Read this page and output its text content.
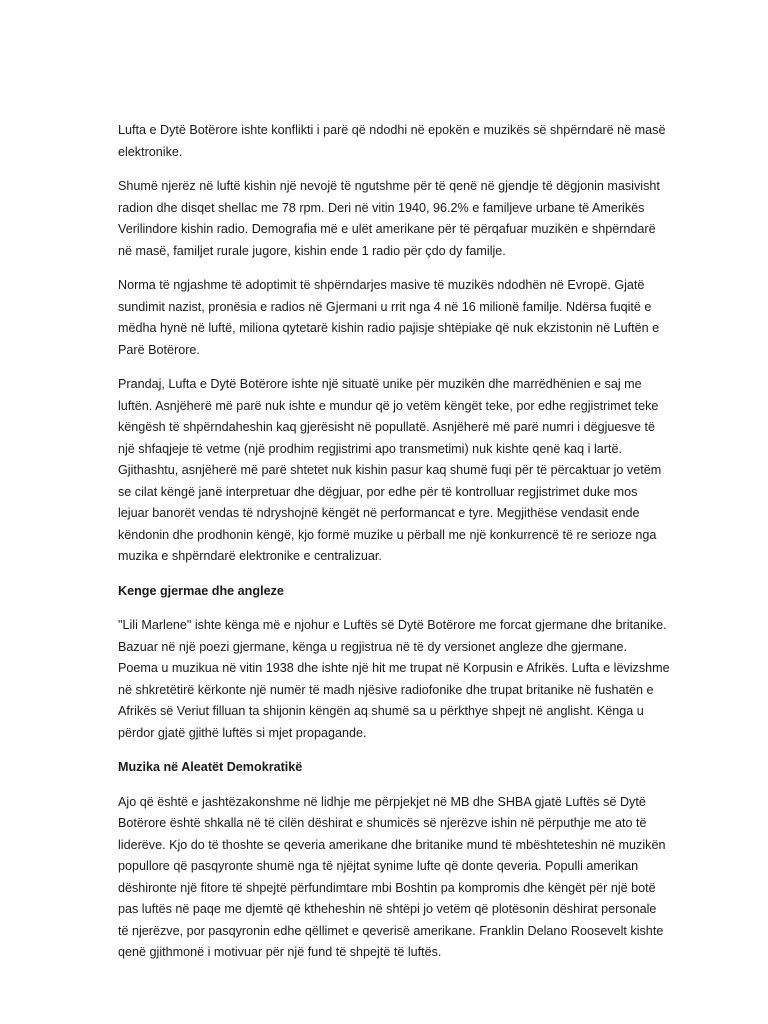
Lufta e Dytë Botërore ishte konflikti i parë që ndodhi në epokën e muzikës së shpërndarë në masë elektronike.

Shumë njerëz në luftë kishin një nevojë të ngutshme për të qenë në gjendje të dëgjonin masivisht radion dhe disqet shellac me 78 rpm. Deri në vitin 1940, 96.2% e familjeve urbane të Amerikës Verilindore kishin radio. Demografia më e ulët amerikane për të përqafuar muzikën e shpërndarë në masë, familjet rurale jugore, kishin ende 1 radio për çdo dy familje.

Norma të ngjashme të adoptimit të shpërndarjes masive të muzikës ndodhën në Evropë. Gjatë sundimit nazist, pronësia e radios në Gjermani u rrit nga 4 në 16 milionë familje. Ndërsa fuqitë e mëdha hynë në luftë, miliona qytetarë kishin radio pajisje shtëpiake që nuk ekzistonin në Luftën e Parë Botërore.

Prandaj, Lufta e Dytë Botërore ishte një situatë unike për muzikën dhe marrëdhënien e saj me luftën. Asnjëherë më parë nuk ishte e mundur që jo vetëm këngët teke, por edhe regjistrimet teke këngësh të shpërndaheshin kaq gjerësisht në popullatë. Asnjëherë më parë numri i dëgjuesve të një shfaqjeje të vetme (një prodhim regjistrimi apo transmetimi) nuk kishte qenë kaq i lartë. Gjithashtu, asnjëherë më parë shtetet nuk kishin pasur kaq shumë fuqi për të përcaktuar jo vetëm se cilat këngë janë interpretuar dhe dëgjuar, por edhe për të kontrolluar regjistrimet duke mos lejuar banorët vendas të ndryshojnë këngët në performancat e tyre. Megjithëse vendasit ende këndonin dhe prodhonin këngë, kjo formë muzike u përball me një konkurrencë të re serioze nga muzika e shpërndarë elektronike e centralizuar.

Kenge gjermae dhe angleze

"Lili Marlene" ishte kënga më e njohur e Luftës së Dytë Botërore me forcat gjermane dhe britanike. Bazuar në një poezi gjermane, kënga u regjistrua në të dy versionet angleze dhe gjermane. Poema u muzikua në vitin 1938 dhe ishte një hit me trupat në Korpusin e Afrikës. Lufta e lëvizshme në shkretëtirë kërkonte një numër të madh njësive radiofonike dhe trupat britanike në fushatën e Afrikës së Veriut filluan ta shijonin këngën aq shumë sa u përkthye shpejt në anglisht. Kënga u përdor gjatë gjithë luftës si mjet propagande.

Muzika në Aleatët Demokratikë

Ajo që është e jashtëzakonshme në lidhje me përpjekjet në MB dhe SHBA gjatë Luftës së Dytë Botërore është shkalla në të cilën dëshirat e shumicës së njerëzve ishin në përputhje me ato të liderëve. Kjo do të thoshte se qeveria amerikane dhe britanike mund të mbështeteshin në muzikën popullore që pasqyronte shumë nga të njëjtat synime lufte që donte qeveria. Populli amerikan dëshironte një fitore të shpejtë përfundimtare mbi Boshtin pa kompromis dhe këngët për një botë pas luftës në paqe me djemtë që ktheheshin në shtëpi jo vetëm që plotësonin dëshirat personale të njerëzve, por pasqyronin edhe qëllimet e qeverisë amerikane. Franklin Delano Roosevelt kishte qenë gjithmonë i motivuar për një fund të shpejtë të luftës.
